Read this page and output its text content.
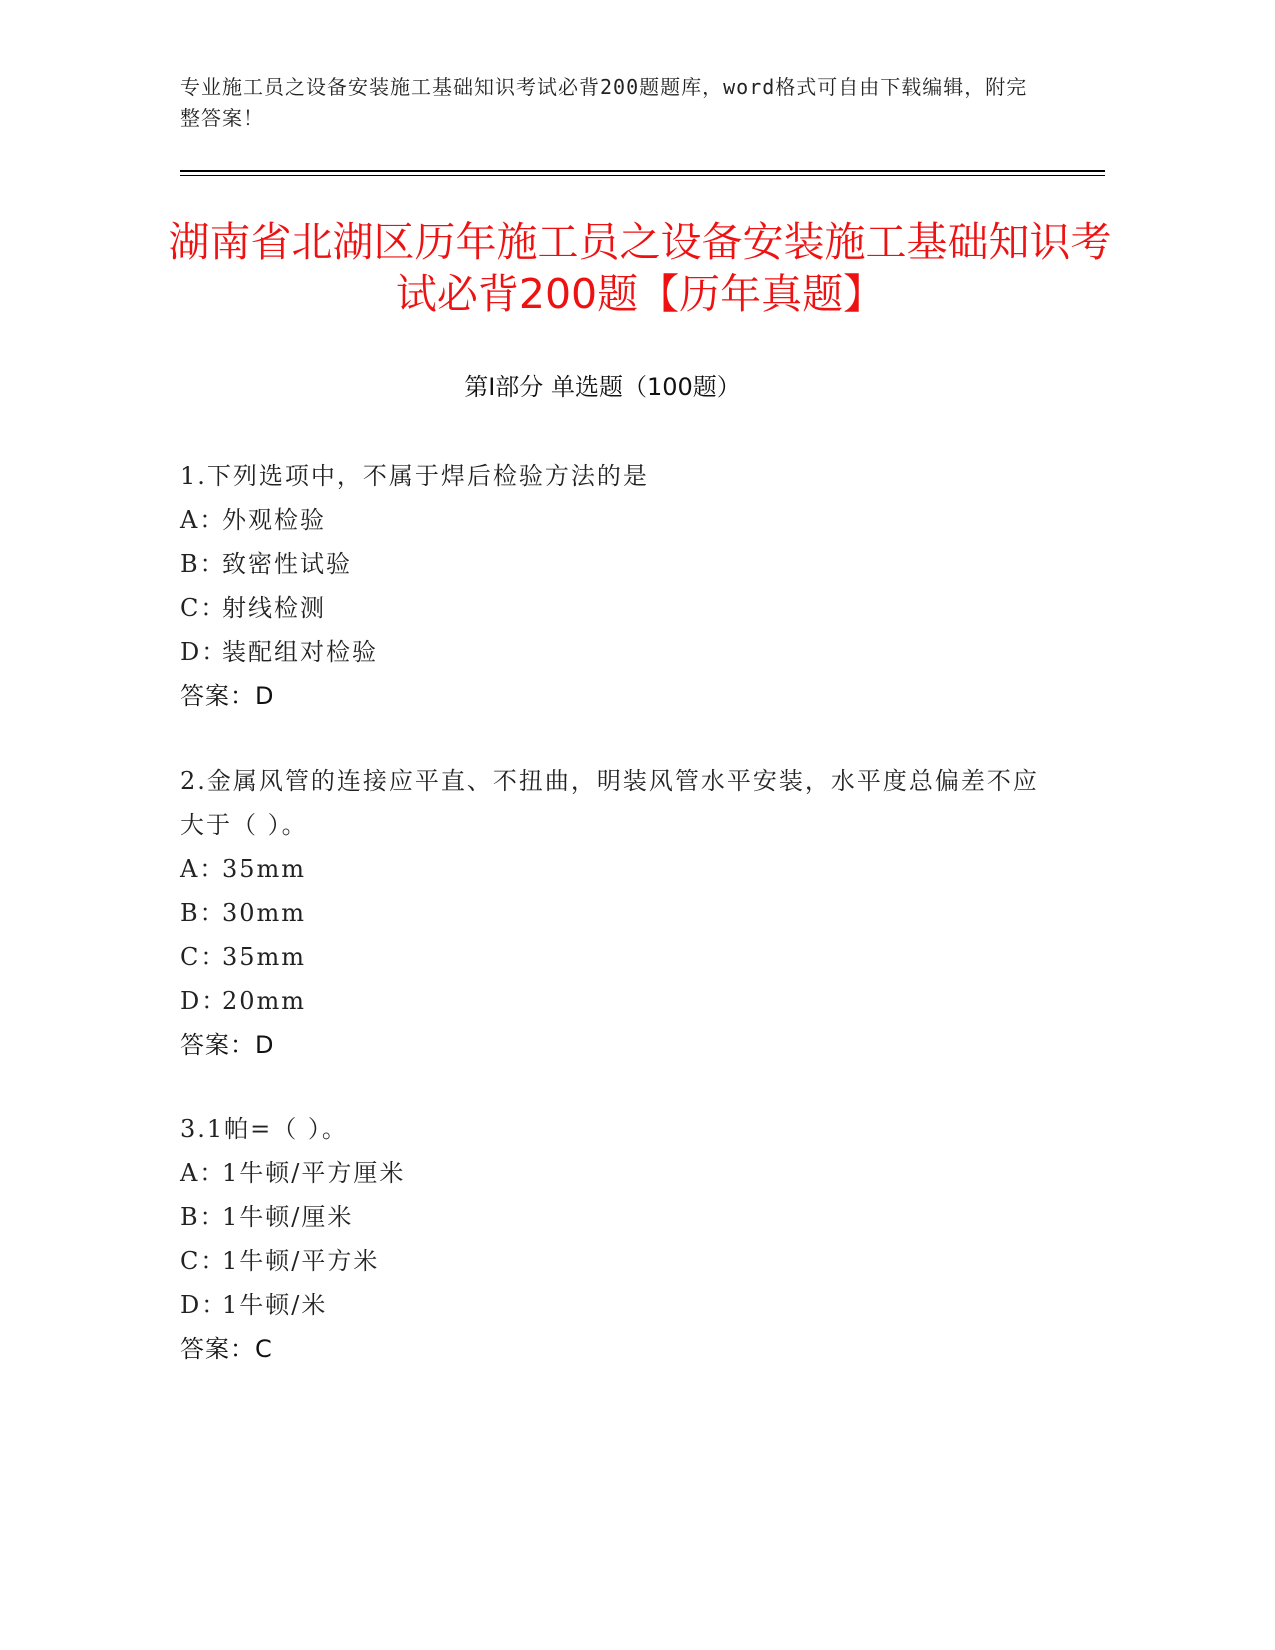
专业施工员之设备安装施工基础知识考试必背200题题库，word格式可自由下载编辑，附完整答案！
湖南省北湖区历年施工员之设备安装施工基础知识考试必背200题【历年真题】
第Ⅰ部分 单选题（100题）

1.下列选项中，不属于焊后检验方法的是

A：外观检验

B：致密性试验

C：射线检测

D：装配组对检验

答案：D

2.金属风管的连接应平直、不扭曲，明装风管水平安装，水平度总偏差不应大于（ ）。

A：35mm

B：30mm

C：35mm

D：20mm

答案：D

3.1帕=（ ）。

A：1牛顿/平方厘米

B：1牛顿/厘米

C：1牛顿/平方米

D：1牛顿/米

答案：C
